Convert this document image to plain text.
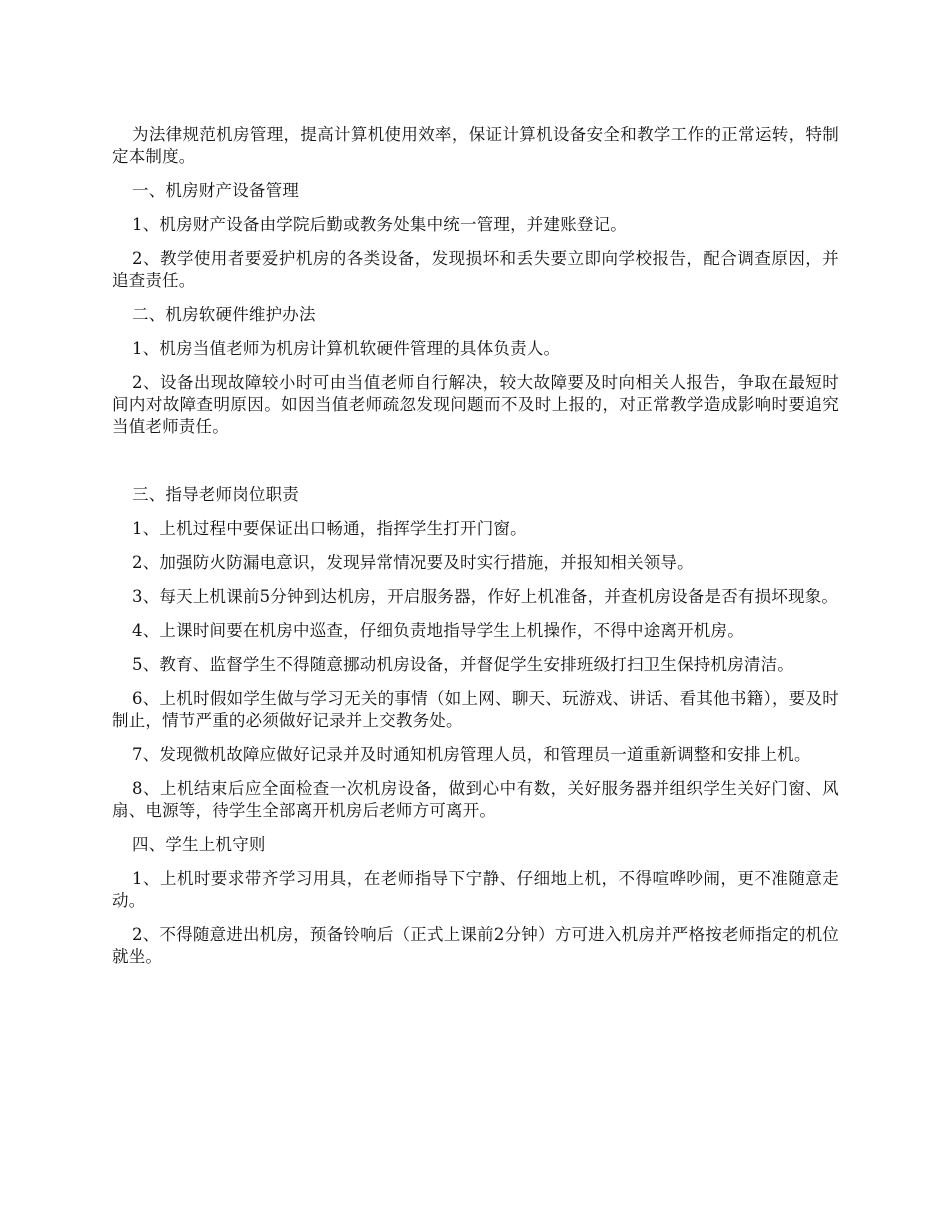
为法律规范机房管理，提高计算机使用效率，保证计算机设备安全和教学工作的正常运转，特制定本制度。

一、机房财产设备管理

1、机房财产设备由学院后勤或教务处集中统一管理，并建账登记。

2、教学使用者要爱护机房的各类设备，发现损坏和丢失要立即向学校报告，配合调查原因，并追查责任。

二、机房软硬件维护办法

1、机房当值老师为机房计算机软硬件管理的具体负责人。

2、设备出现故障较小时可由当值老师自行解决，较大故障要及时向相关人报告，争取在最短时间内对故障查明原因。如因当值老师疏忽发现问题而不及时上报的，对正常教学造成影响时要追究当值老师责任。

三、指导老师岗位职责

1、上机过程中要保证出口畅通，指挥学生打开门窗。

2、加强防火防漏电意识，发现异常情况要及时实行措施，并报知相关领导。

3、每天上机课前5分钟到达机房，开启服务器，作好上机准备，并查机房设备是否有损坏现象。

4、上课时间要在机房中巡查，仔细负责地指导学生上机操作，不得中途离开机房。

5、教育、监督学生不得随意挪动机房设备，并督促学生安排班级打扫卫生保持机房清洁。

6、上机时假如学生做与学习无关的事情（如上网、聊天、玩游戏、讲话、看其他书籍），要及时制止，情节严重的必须做好记录并上交教务处。

7、发现微机故障应做好记录并及时通知机房管理人员，和管理员一道重新调整和安排上机。

8、上机结束后应全面检查一次机房设备，做到心中有数，关好服务器并组织学生关好门窗、风扇、电源等，待学生全部离开机房后老师方可离开。

四、学生上机守则

1、上机时要求带齐学习用具，在老师指导下宁静、仔细地上机，不得喧哗吵闹，更不准随意走动。

2、不得随意进出机房，预备铃响后（正式上课前2分钟）方可进入机房并严格按老师指定的机位就坐。
